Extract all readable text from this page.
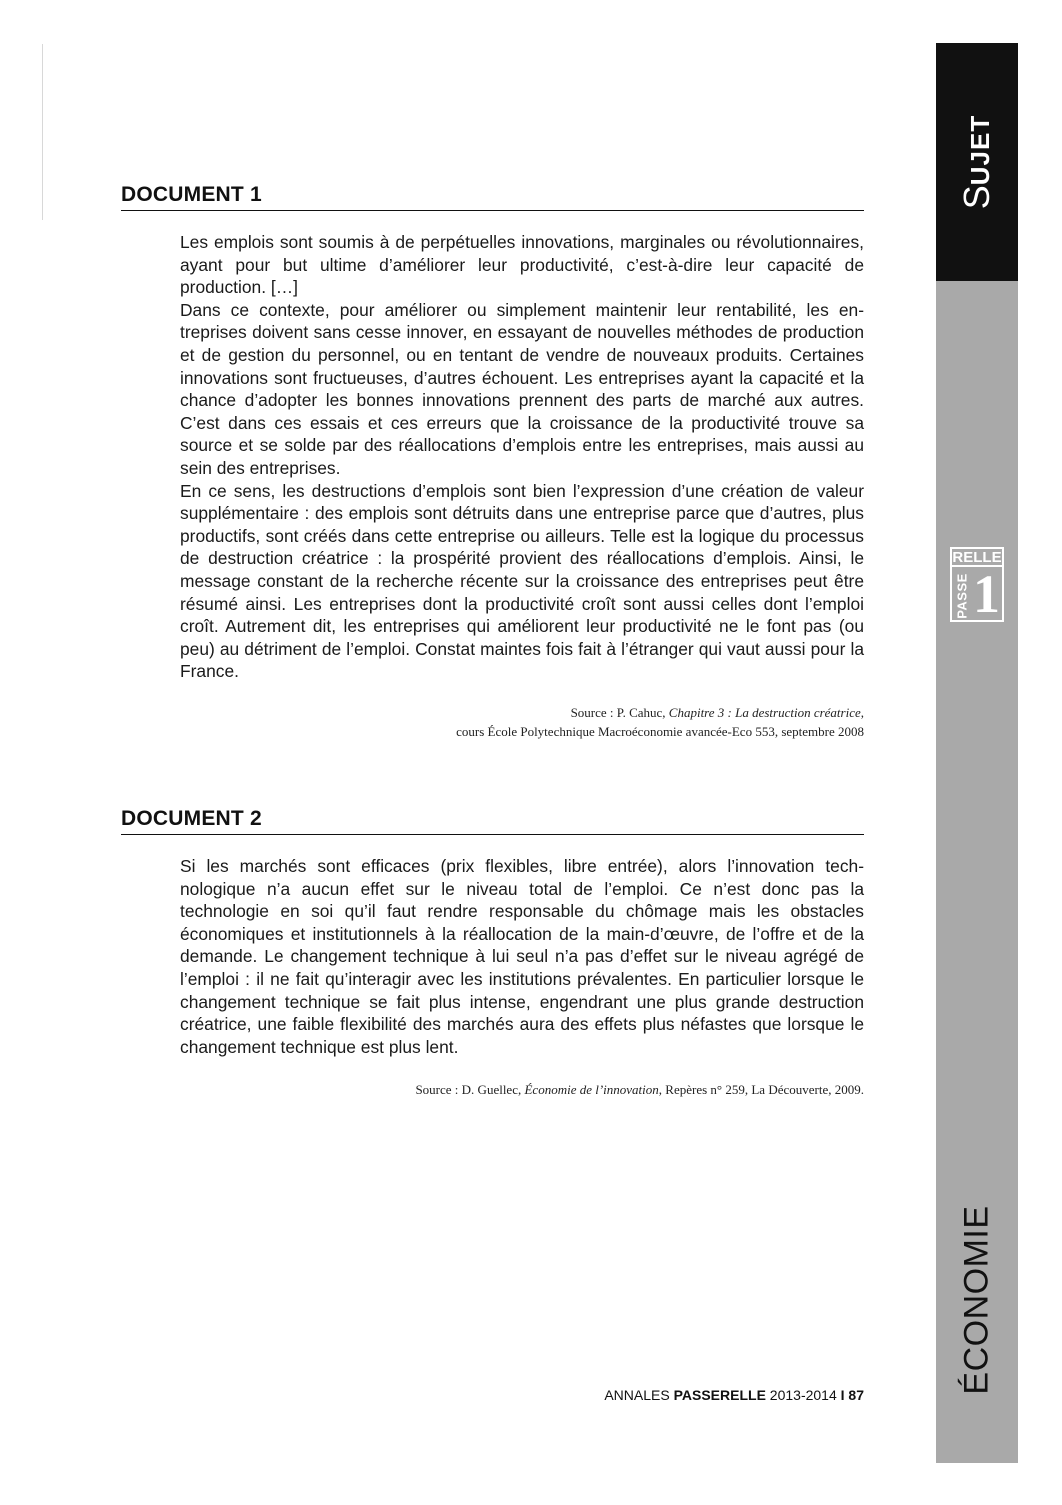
SUJET
RELLE
PASSE 1
ÉCONOMIE
DOCUMENT 1

Les emplois sont soumis à de perpétuelles innovations, marginales ou révolutionnaires, ayant pour but ultime d’améliorer leur productivité, c’est-à-dire leur capacité de production. […]

Dans ce contexte, pour améliorer ou simplement maintenir leur rentabilité, les entreprises doivent sans cesse innover, en essayant de nouvelles méthodes de production et de gestion du personnel, ou en tentant de vendre de nouveaux produits. Certaines innovations sont fructueuses, d’autres échouent. Les entreprises ayant la capacité et la chance d’adopter les bonnes innovations prennent des parts de marché aux autres. C’est dans ces essais et ces erreurs que la croissance de la productivité trouve sa source et se solde par des réallocations d’emplois entre les entreprises, mais aussi au sein des entreprises.

En ce sens, les destructions d’emplois sont bien l’expression d’une création de valeur supplémentaire : des emplois sont détruits dans une entreprise parce que d’autres, plus productifs, sont créés dans cette entreprise ou ailleurs. Telle est la logique du processus de destruction créatrice : la prospérité provient des réallocations d’emplois. Ainsi, le message constant de la recherche récente sur la croissance des entreprises peut être résumé ainsi. Les entreprises dont la productivité croît sont aussi celles dont l’emploi croît. Autrement dit, les entreprises qui améliorent leur productivité ne le font pas (ou peu) au détriment de l’emploi. Constat maintes fois fait à l’étranger qui vaut aussi pour la France.

Source : P. Cahuc, Chapitre 3 : La destruction créatrice,
cours École Polytechnique Macroéconomie avancée-Eco 553, septembre 2008
DOCUMENT 2

Si les marchés sont efficaces (prix flexibles, libre entrée), alors l’innovation technologique n’a aucun effet sur le niveau total de l’emploi. Ce n’est donc pas la technologie en soi qu’il faut rendre responsable du chômage mais les obstacles économiques et institutionnels à la réallocation de la main-d’œuvre, de l’offre et de la demande. Le changement technique à lui seul n’a pas d’effet sur le niveau agrégé de l’emploi : il ne fait qu’interagir avec les institutions prévalentes. En particulier lorsque le changement technique se fait plus intense, engendrant une plus grande destruction créatrice, une faible flexibilité des marchés aura des effets plus néfastes que lorsque le changement technique est plus lent.

Source : D. Guellec, Économie de l’innovation, Repères n° 259, La Découverte, 2009.
ANNALES PASSERELLE 2013-2014 I 87
